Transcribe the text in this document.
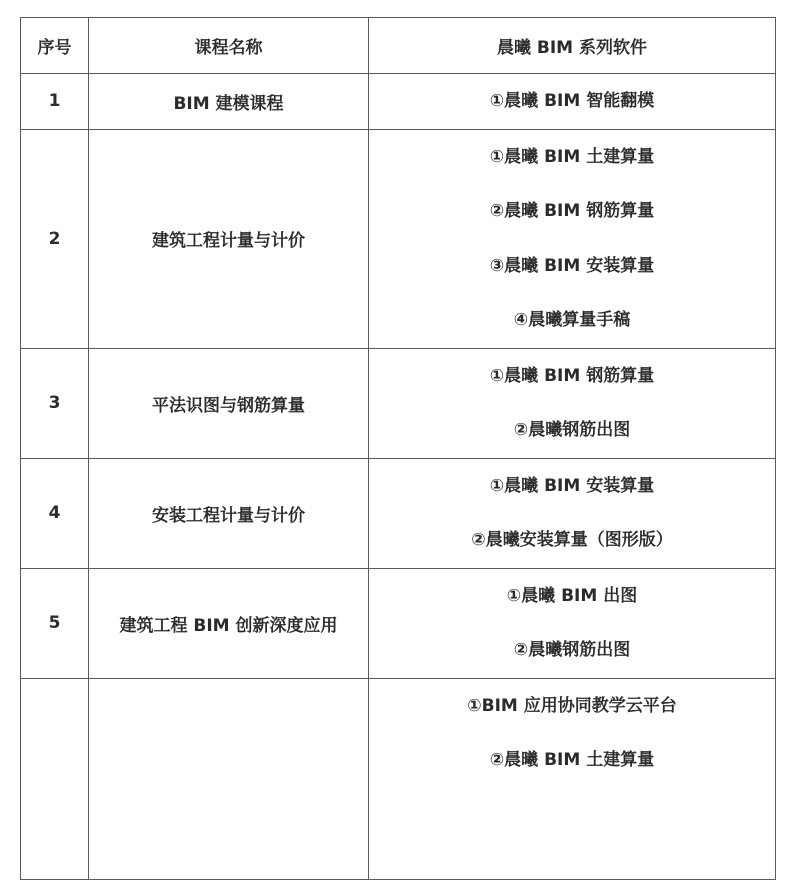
序号	课程名称	晨曦 BIM 系列软件
1	BIM 建模课程	①晨曦 BIM 智能翻模

2	建筑工程计量与计价	①晨曦 BIM 土建算量
②晨曦 BIM 钢筋算量
③晨曦 BIM 安装算量
④晨曦算量手稿

3	平法识图与钢筋算量	①晨曦 BIM 钢筋算量
②晨曦钢筋出图

4	安装工程计量与计价	①晨曦 BIM 安装算量
②晨曦安装算量（图形版）

5	建筑工程 BIM 创新深度应用	①晨曦 BIM 出图
②晨曦钢筋出图

		①BIM 应用协同教学云平台
②晨曦 BIM 土建算量
